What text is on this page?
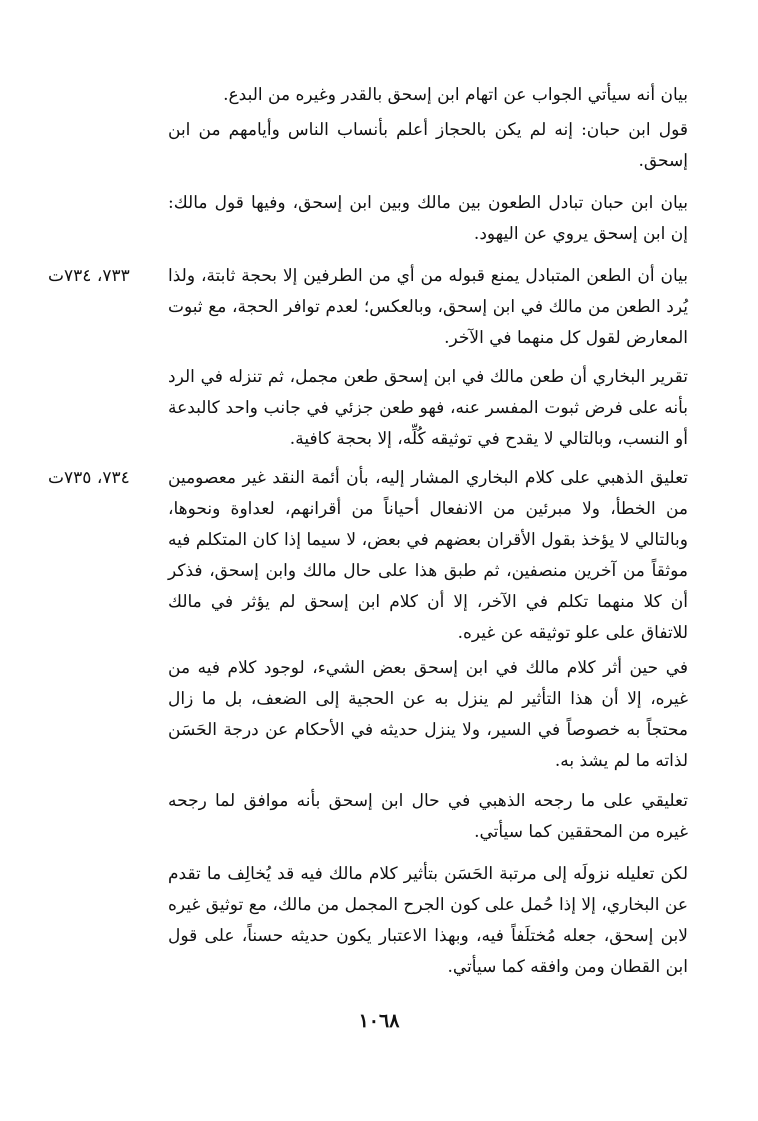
بيان أنه سيأتي الجواب عن اتهام ابن إسحق بالقدر وغيره من البدع.

قول ابن حبان: إنه لم يكن بالحجاز أعلم بأنساب الناس وأيامهم من ابن إسحق.

بيان ابن حبان تبادل الطعون بين مالك وبين ابن إسحق، وفيها قول مالك: إن ابن إسحق يروي عن اليهود.

بيان أن الطعن المتبادل يمنع قبوله من أي من الطرفين إلا بحجة ثابتة، ولذا يُرد الطعن من مالك في ابن إسحق، وبالعكس؛ لعدم توافر الحجة، مع ثبوت المعارض لقول كل منهما في الآخر.

٧٣٣، ٧٣٤ت

تقرير البخاري أن طعن مالك في ابن إسحق طعن مجمل، ثم تنزله في الرد بأنه على فرض ثبوت المفسر عنه، فهو طعن جزئي في جانب واحد كالبدعة أو النسب، وبالتالي لا يقدح في توثيقه كُلِّه، إلا بحجة كافية.

تعليق الذهبي على كلام البخاري المشار إليه، بأن أئمة النقد غير معصومين من الخطأ، ولا مبرئين من الانفعال أحياناً من أقرانهم، لعداوة ونحوها، وبالتالي لا يؤخذ بقول الأقران بعضهم في بعض، لا سيما إذا كان المتكلم فيه موثقاً من آخرين منصفين، ثم طبق هذا على حال مالك وابن إسحق، فذكر أن كلا منهما تكلم في الآخر، إلا أن كلام ابن إسحق لم يؤثر في مالك للاتفاق على علو توثيقه عن غيره.

٧٣٤، ٧٣٥ت

في حين أثر كلام مالك في ابن إسحق بعض الشيء، لوجود كلام فيه من غيره، إلا أن هذا التأثير لم ينزل به عن الحجية إلى الضعف، بل ما زال محتجاً به خصوصاً في السير، ولا ينزل حديثه في الأحكام عن درجة الحَسَن لذاته ما لم يشذ به.

تعليقي على ما رجحه الذهبي في حال ابن إسحق بأنه موافق لما رجحه غيره من المحققين كما سيأتي.

لكن تعليله نزولَه إلى مرتبة الحَسَن بتأثير كلام مالك فيه قد يُخالِف ما تقدم عن البخاري، إلا إذا حُمل على كون الجرح المجمل من مالك، مع توثيق غيره لابن إسحق، جعله مُختلَفاً فيه، وبهذا الاعتبار يكون حديثه حسناً، على قول ابن القطان ومن وافقه كما سيأتي.

١٠٦٨
